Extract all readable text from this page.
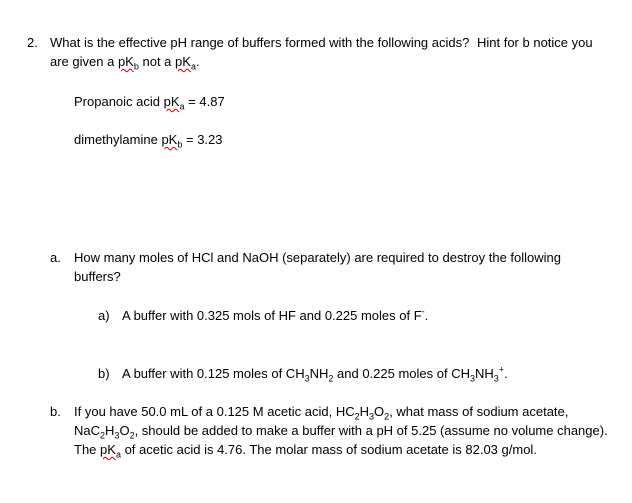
2. What is the effective pH range of buffers formed with the following acids? Hint for b notice you
are given a $pK_b$ not a $pK_a$.
Propanoic acid $pK_a = 4.87$
dimethylamine $pK_b = 3.23$
a. How many moles of HCl and NaOH (separately) are required to destroy the following
buffers?
a) A buffer with 0.325 mols of HF and 0.225 moles of F-.
b) A buffer with 0.125 moles of $CH_3NH_2$ and 0.225 moles of $CH_3NH_3^+$.
b. If you have 50.0 mL of a 0.125 M acetic acid, $HC_2H_3O_2$, what mass of sodium acetate,
$NaC_2H_3O_2$, should be added to make a buffer with a pH of 5.25 (assume no volume change).
The $pK_a$ of acetic acid is 4.76. The molar mass of sodium acetate is 82.03 g/mol.
